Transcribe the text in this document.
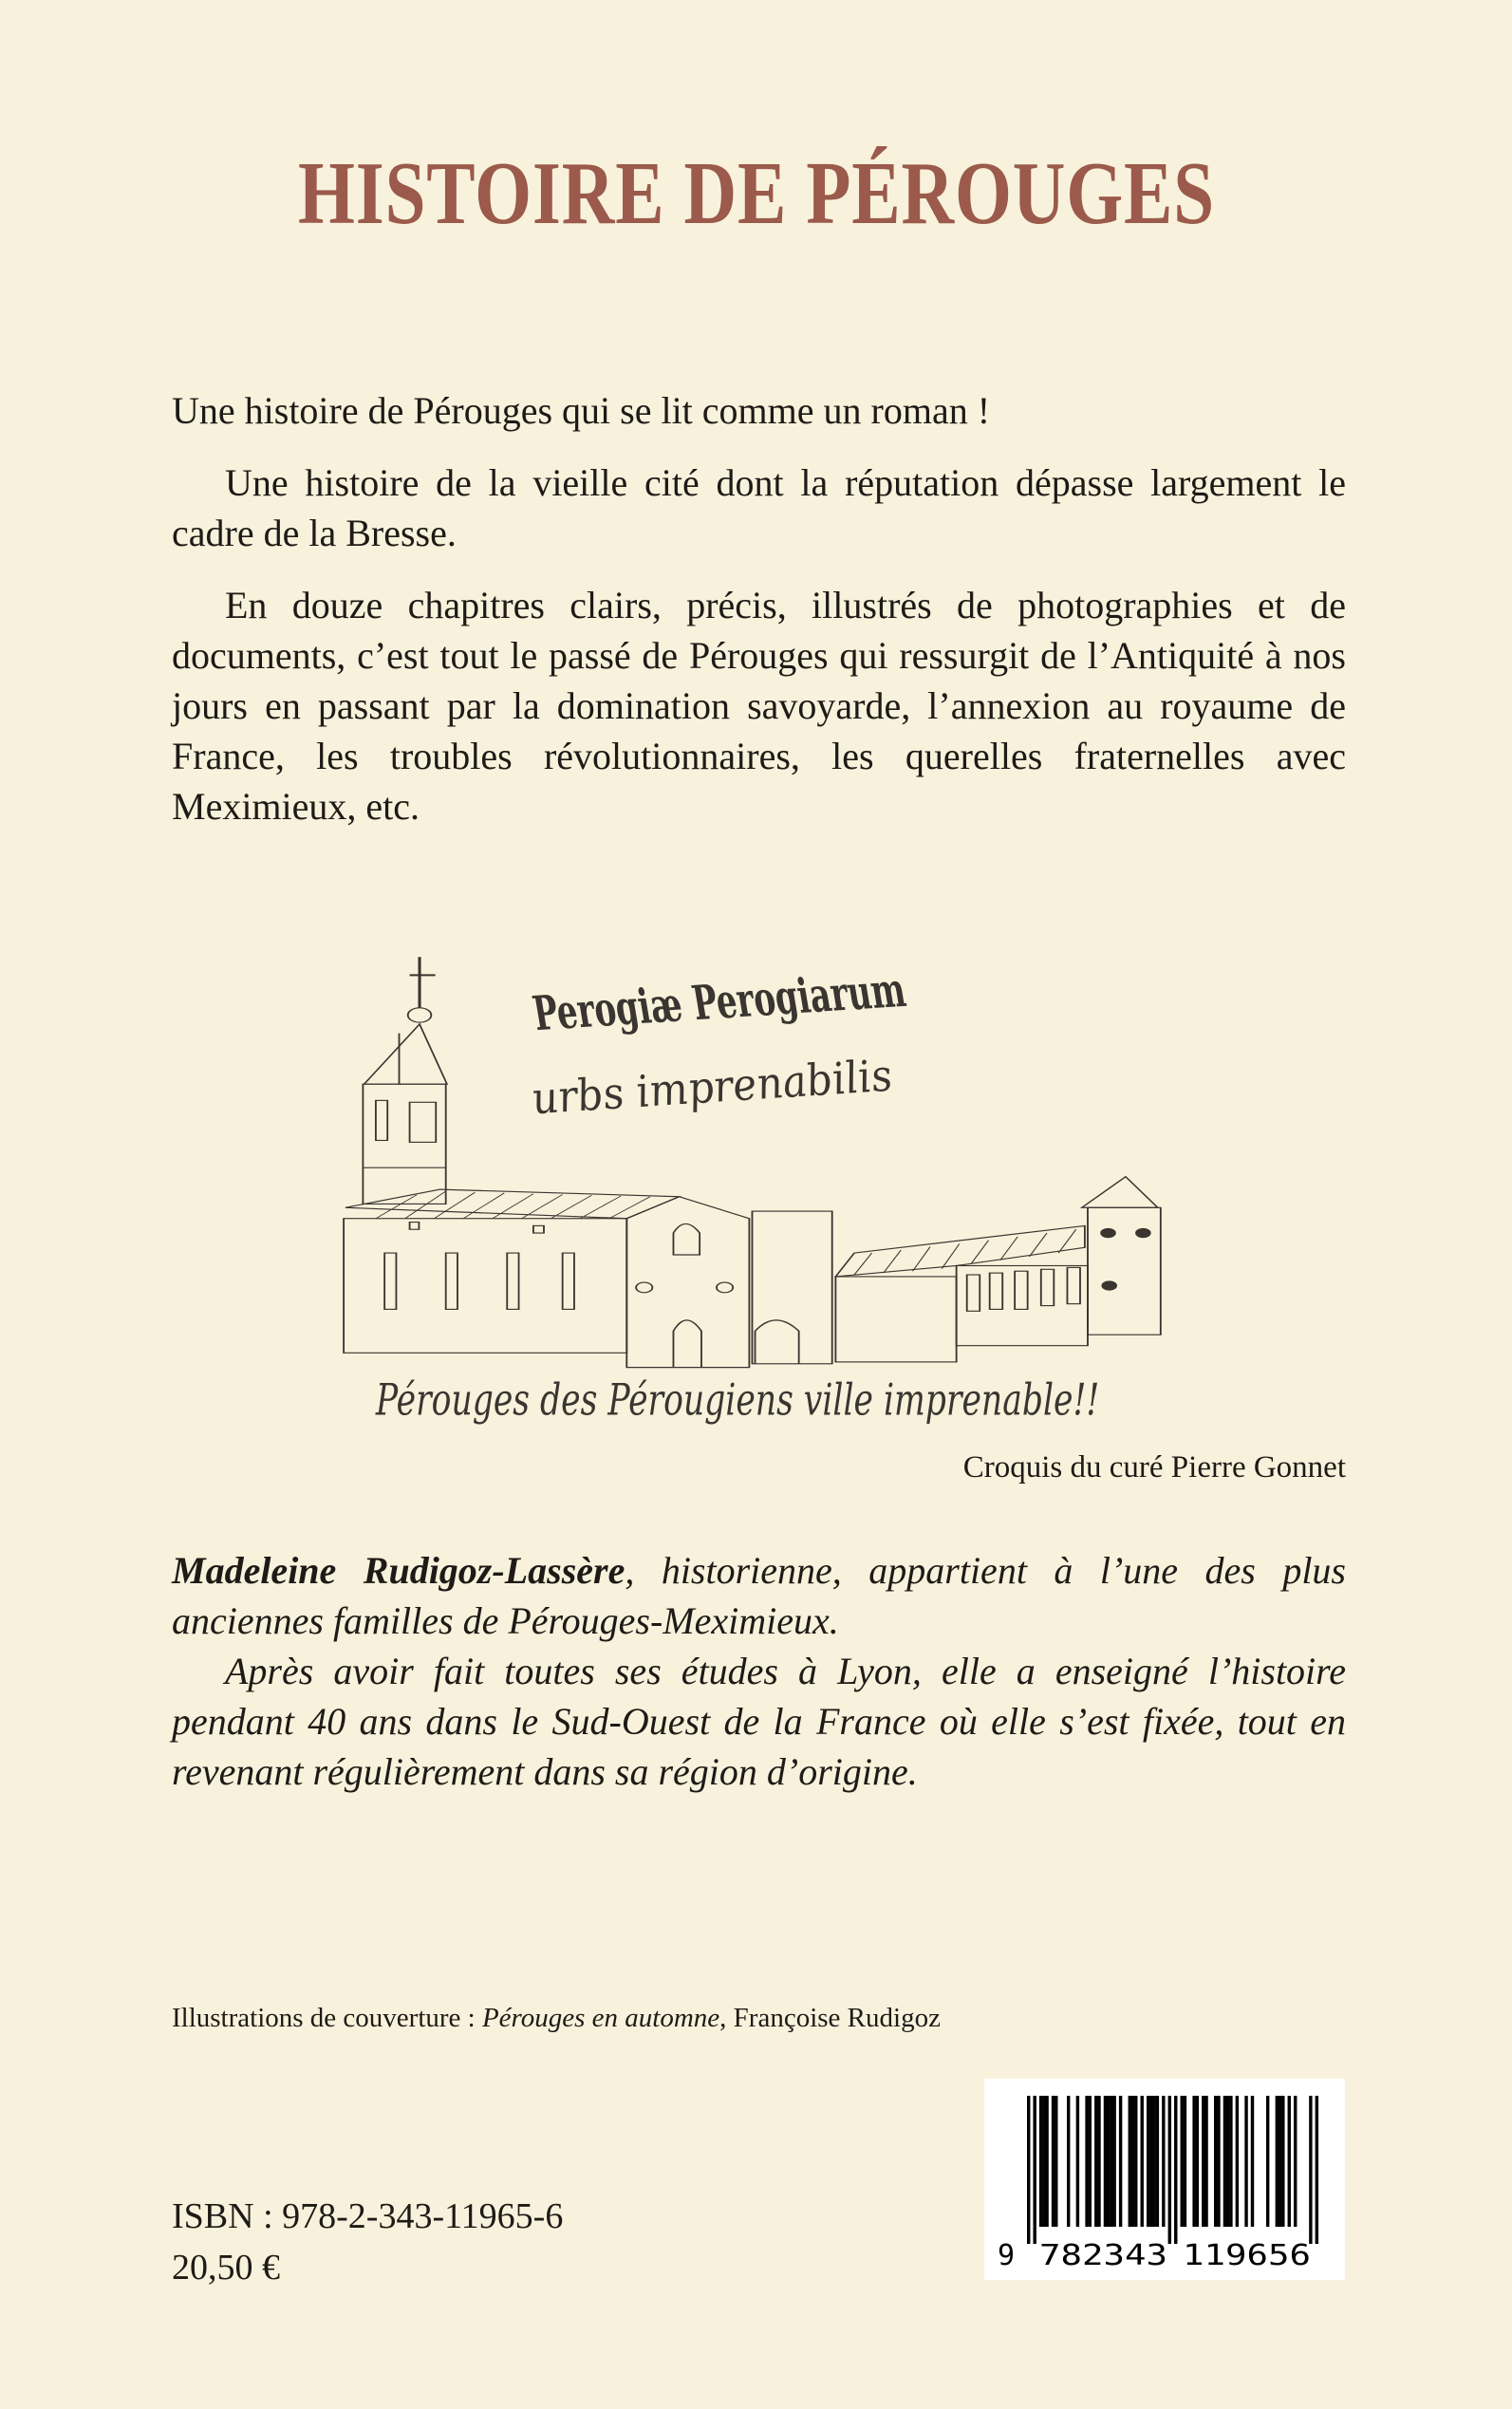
HISTOIRE DE PÉROUGES

Une histoire de Pérouges qui se lit comme un roman !

Une histoire de la vieille cité dont la réputation dépasse largement le cadre de la Bresse.

En douze chapitres clairs, précis, illustrés de photographies et de documents, c’est tout le passé de Pérouges qui ressurgit de l’Antiquité à nos jours en passant par la domination savoyarde, l’annexion au royaume de France, les troubles révolutionnaires, les querelles fraternelles avec Meximieux, etc.

Perogiæ Perogiarum
urbs imprenabilis
Pérouges des Pérougiens ville imprenable!!
Croquis du curé Pierre Gonnet

Madeleine Rudigoz-Lassère, historienne, appartient à l’une des plus anciennes familles de Pérouges-Meximieux.

Après avoir fait toutes ses études à Lyon, elle a enseigné l’histoire pendant 40 ans dans le Sud-Ouest de la France où elle s’est fixée, tout en revenant régulièrement dans sa région d’origine.

Illustrations de couverture : Pérouges en automne, Françoise Rudigoz
ISBN : 978-2-343-11965-6
20,50 €	9 782343 119656
